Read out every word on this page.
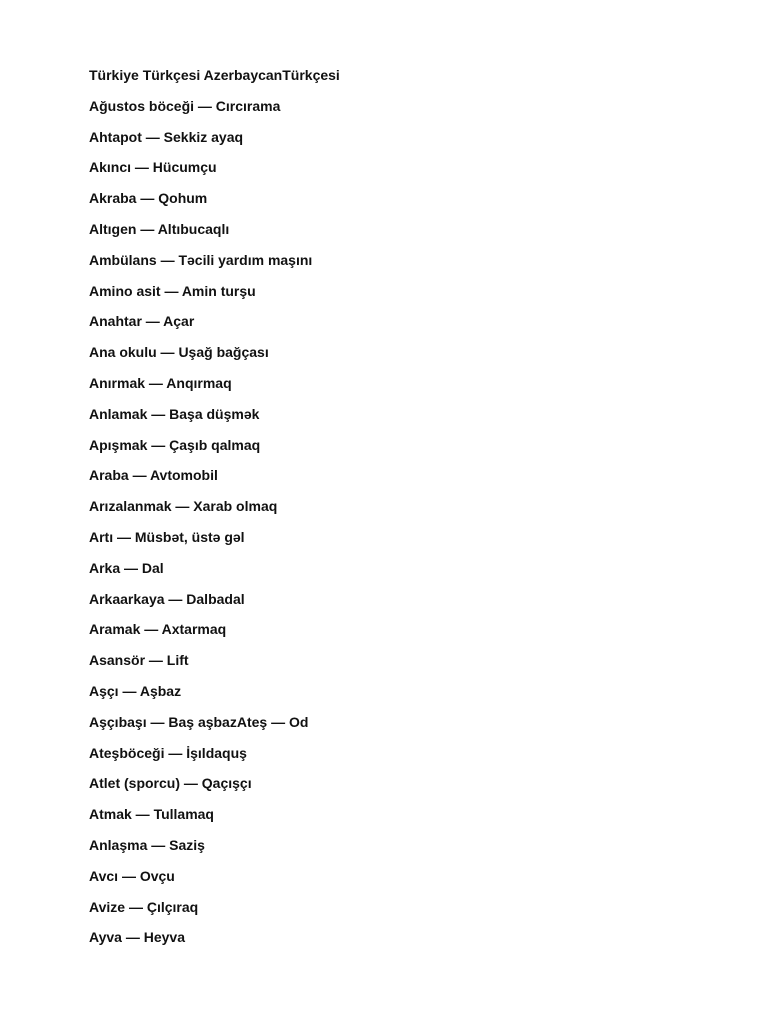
Türkiye Türkçesi AzerbaycanTürkçesi
Ağustos böceği — Cırcırama
Ahtapot — Sekkiz ayaq
Akıncı — Hücumçu
Akraba — Qohum
Altıgen — Altıbucaqlı
Ambülans — Təcili yardım maşını
Amino asit — Amin turşu
Anahtar — Açar
Ana okulu — Uşağ bağçası
Anırmak — Anqırmaq
Anlamak — Başa düşmək
Apışmak — Çaşıb qalmaq
Araba — Avtomobil
Arızalanmak — Xarab olmaq
Artı — Müsbət, üstə gəl
Arka — Dal
Arkaarkaya — Dalbadal
Aramak — Axtarmaq
Asansör — Lift
Aşçı — Aşbaz
Aşçıbaşı — Baş aşbazAteş — Od
Ateşböceği — İşıldaquş
Atlet (sporcu) — Qaçışçı
Atmak — Tullamaq
Anlaşma — Saziş
Avcı — Ovçu
Avize — Çılçıraq
Ayva — Heyva
